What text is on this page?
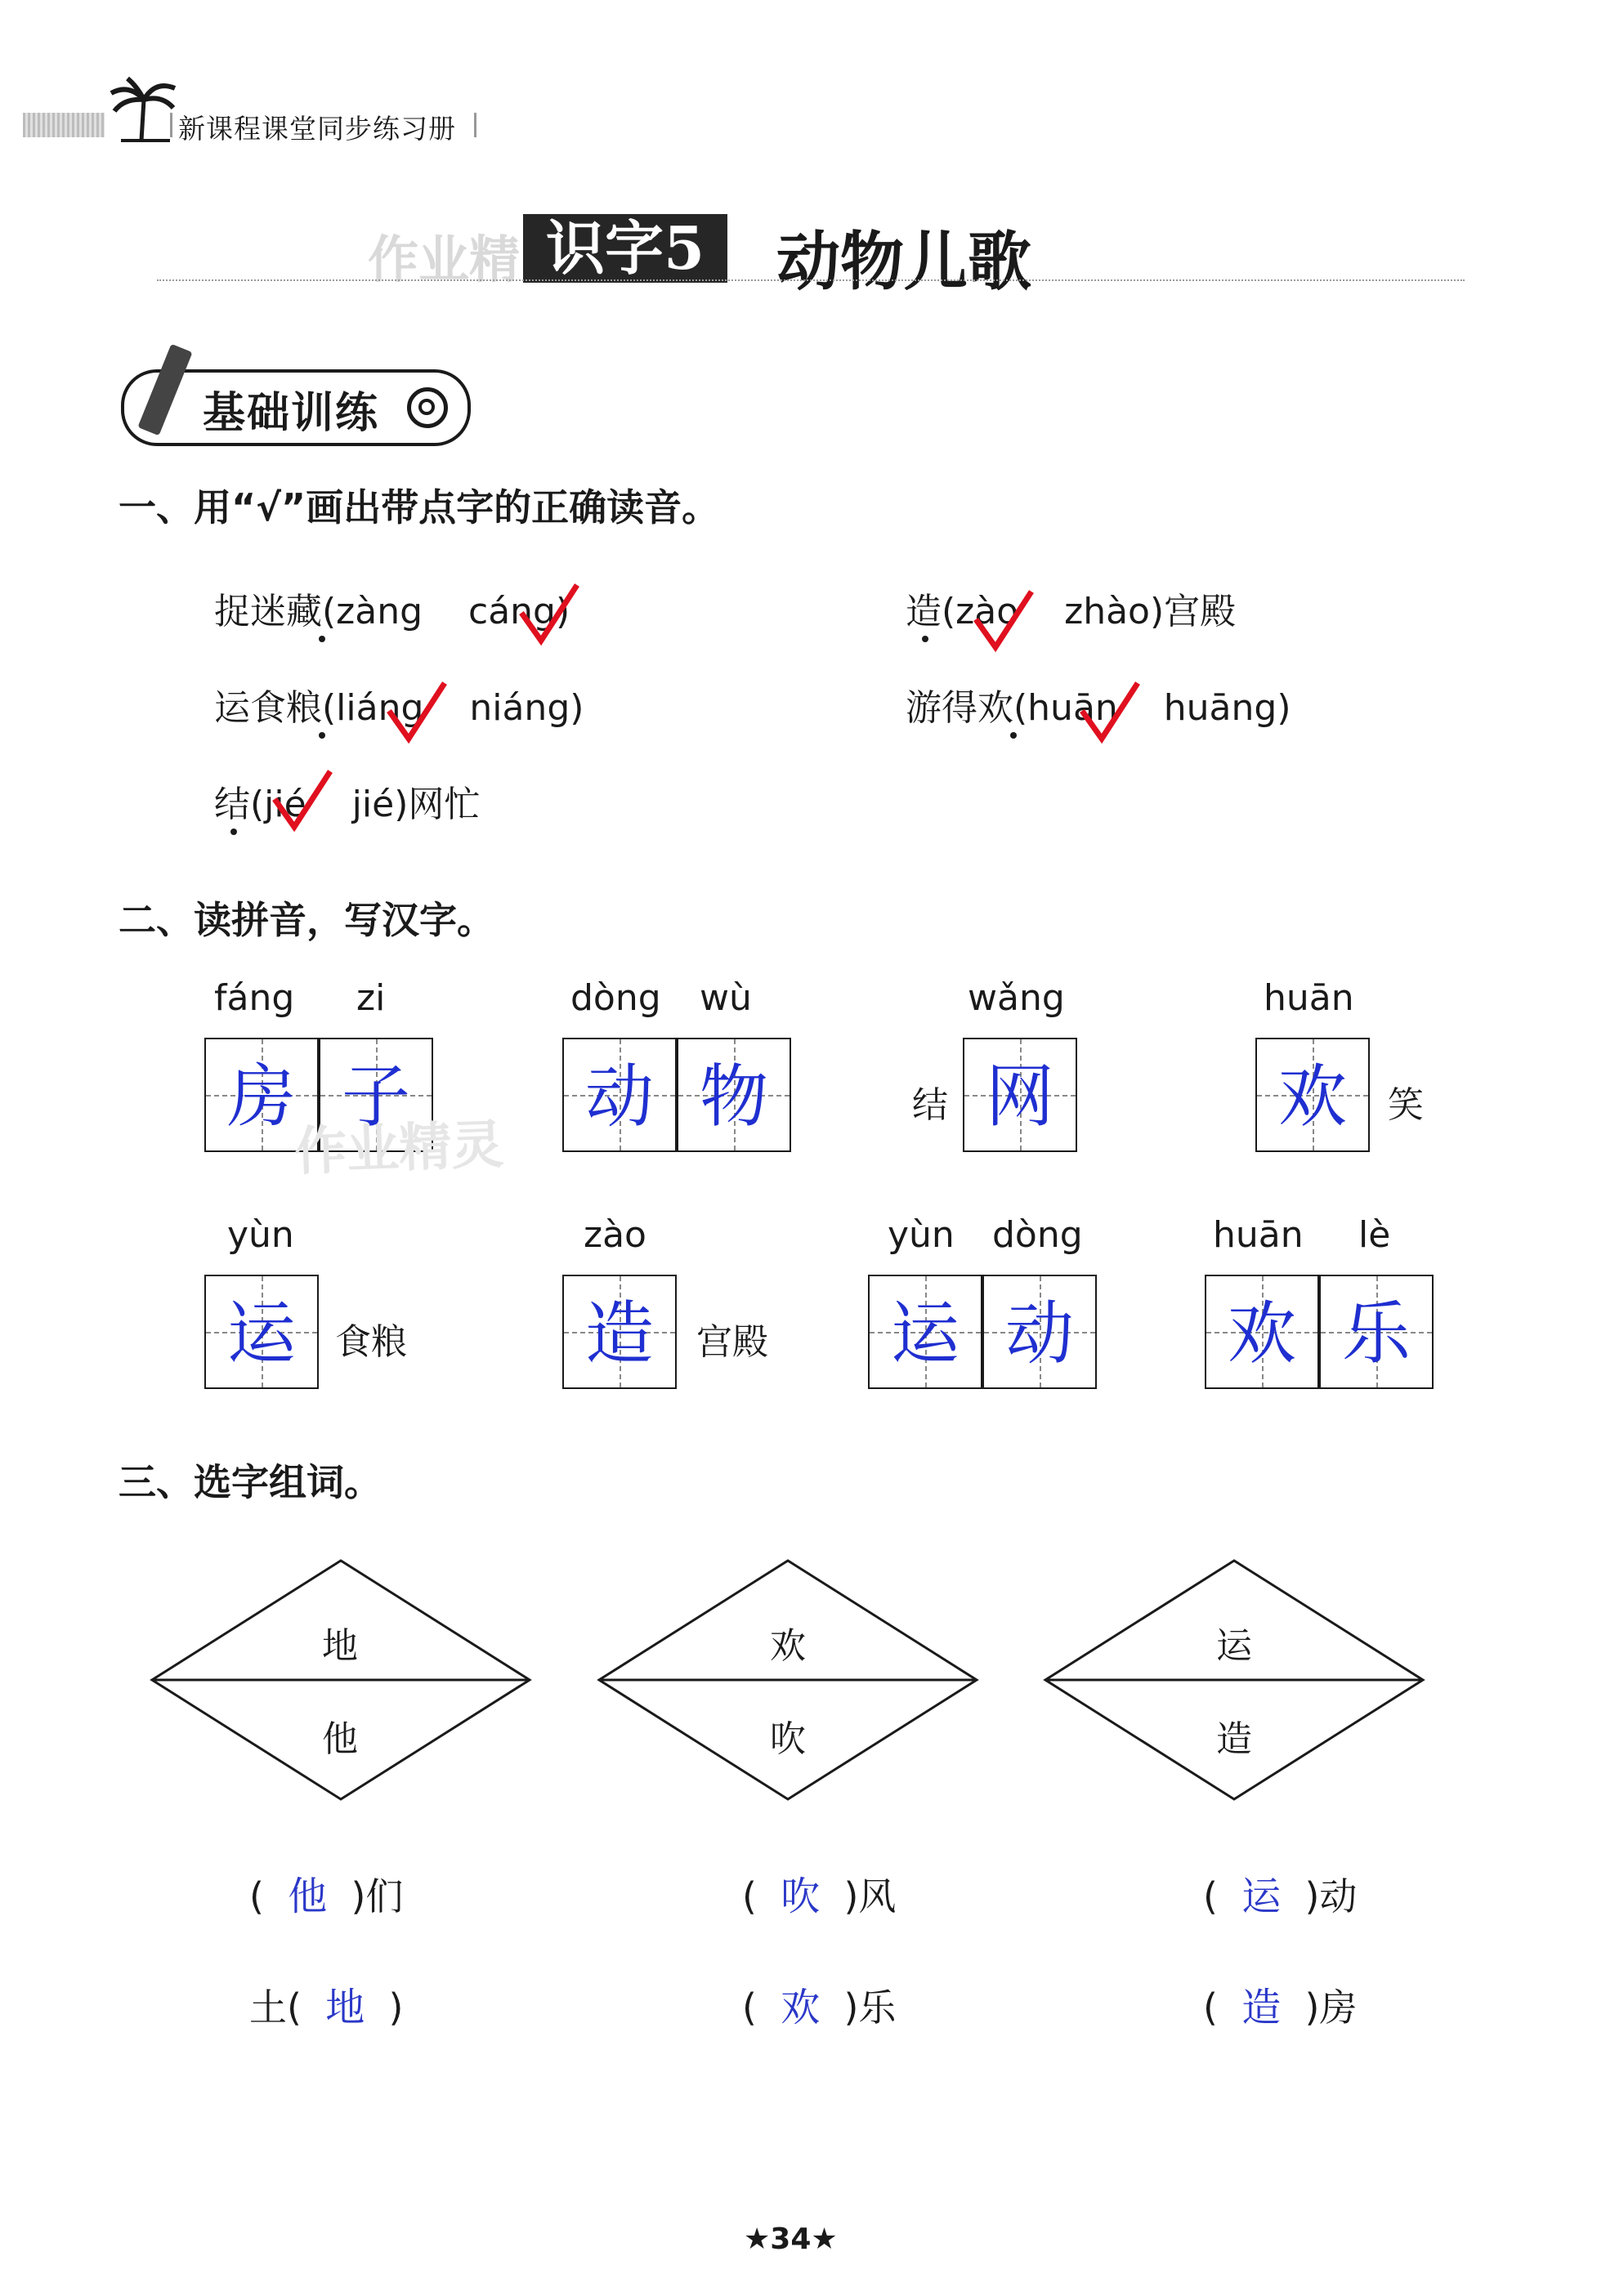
新课程课堂同步练习册
作业精 识字5	动物儿歌
基础训练
一、用“√”画出带点字的正确读音。
捉迷藏(zàng cáng)	造(zào zhào)宫殿
运食粮(liáng niáng)	游得欢(huān huāng)
结(jié jié)网忙
二、读拼音，写汉字。
fáng zi
房 子
作业精灵
dòng wù
动 物
wǎng
结 网
huān
欢	笑
yùn
运	食粮
zào
造	宫殿
yùn dòng
运 动
huān lè
欢 乐
三、选字组词。
地
他
欢
吹
运
造
( 他 )们	( 吹 )风	( 运 )动
土( 地 )	( 欢 )乐	( 造 )房
★34★
